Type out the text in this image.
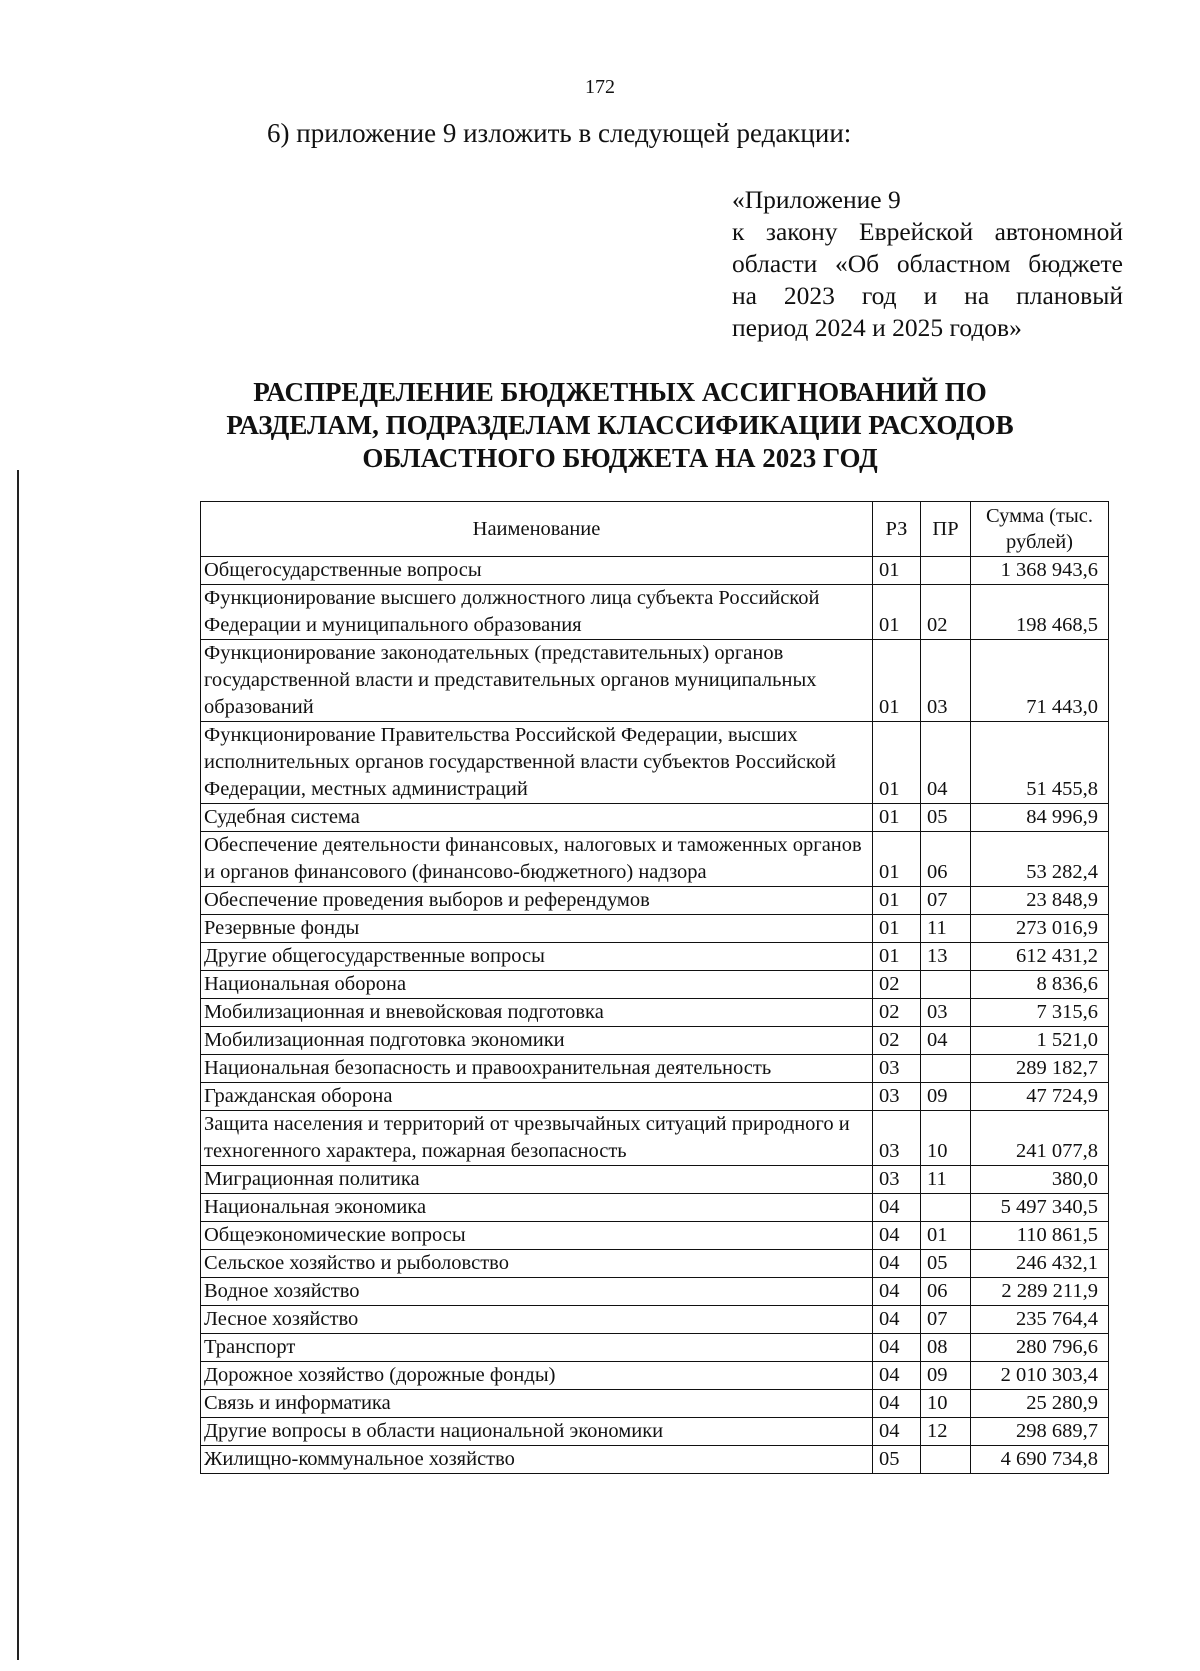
172
6) приложение 9 изложить в следующей редакции:
«Приложение 9
к закону Еврейской автономной
области «Об областном бюджете
на 2023 год и на плановый
период 2024 и 2025 годов»
РАСПРЕДЕЛЕНИЕ БЮДЖЕТНЫХ АССИГНОВАНИЙ ПО
РАЗДЕЛАМ, ПОДРАЗДЕЛАМ КЛАССИФИКАЦИИ РАСХОДОВ
ОБЛАСТНОГО БЮДЖЕТА НА 2023 ГОД
Наименование	РЗ	ПР	Сумма (тыс. рублей)
Общегосударственные вопросы	01		1 368 943,6
Функционирование высшего должностного лица субъекта Российской Федерации и муниципального образования	01	02	198 468,5
Функционирование законодательных (представительных) органов государственной власти и представительных органов муниципальных образований	01	03	71 443,0
Функционирование Правительства Российской Федерации, высших исполнительных органов государственной власти субъектов Российской Федерации, местных администраций	01	04	51 455,8
Судебная система	01	05	84 996,9
Обеспечение деятельности финансовых, налоговых и таможенных органов и органов финансового (финансово-бюджетного) надзора	01	06	53 282,4
Обеспечение проведения выборов и референдумов	01	07	23 848,9
Резервные фонды	01	11	273 016,9
Другие общегосударственные вопросы	01	13	612 431,2
Национальная оборона	02		8 836,6
Мобилизационная и вневойсковая подготовка	02	03	7 315,6
Мобилизационная подготовка экономики	02	04	1 521,0
Национальная безопасность и правоохранительная деятельность	03		289 182,7
Гражданская оборона	03	09	47 724,9
Защита населения и территорий от чрезвычайных ситуаций природного и техногенного характера, пожарная безопасность	03	10	241 077,8
Миграционная политика	03	11	380,0
Национальная экономика	04		5 497 340,5
Общеэкономические вопросы	04	01	110 861,5
Сельское хозяйство и рыболовство	04	05	246 432,1
Водное хозяйство	04	06	2 289 211,9
Лесное хозяйство	04	07	235 764,4
Транспорт	04	08	280 796,6
Дорожное хозяйство (дорожные фонды)	04	09	2 010 303,4
Связь и информатика	04	10	25 280,9
Другие вопросы в области национальной экономики	04	12	298 689,7
Жилищно-коммунальное хозяйство	05		4 690 734,8
